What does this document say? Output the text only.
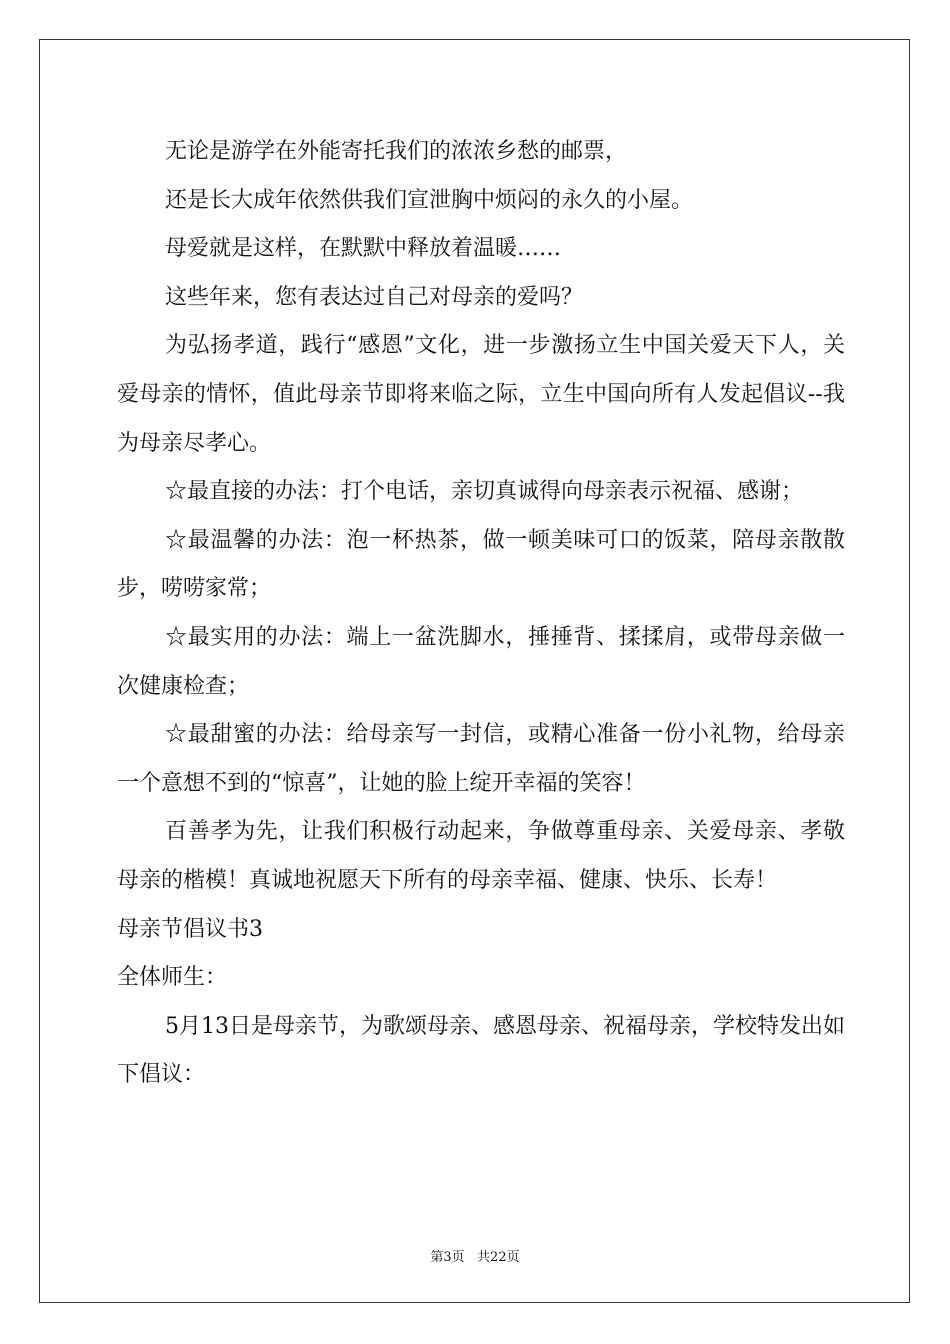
无论是游学在外能寄托我们的浓浓乡愁的邮票，

还是长大成年依然供我们宣泄胸中烦闷的永久的小屋。

母爱就是这样，在默默中释放着温暖……

这些年来，您有表达过自己对母亲的爱吗？

为弘扬孝道，践行“感恩”文化，进一步激扬立生中国关爱天下人，关爱母亲的情怀，值此母亲节即将来临之际，立生中国向所有人发起倡议--我为母亲尽孝心。

☆最直接的办法：打个电话，亲切真诚得向母亲表示祝福、感谢；

☆最温馨的办法：泡一杯热茶，做一顿美味可口的饭菜，陪母亲散散步，唠唠家常；

☆最实用的办法：端上一盆洗脚水，捶捶背、揉揉肩，或带母亲做一次健康检查；

☆最甜蜜的办法：给母亲写一封信，或精心准备一份小礼物，给母亲一个意想不到的“惊喜”，让她的脸上绽开幸福的笑容！

百善孝为先，让我们积极行动起来，争做尊重母亲、关爱母亲、孝敬母亲的楷模！真诚地祝愿天下所有的母亲幸福、健康、快乐、长寿！

母亲节倡议书3

全体师生：

5月13日是母亲节，为歌颂母亲、感恩母亲、祝福母亲，学校特发出如下倡议：

第3页   共22页
